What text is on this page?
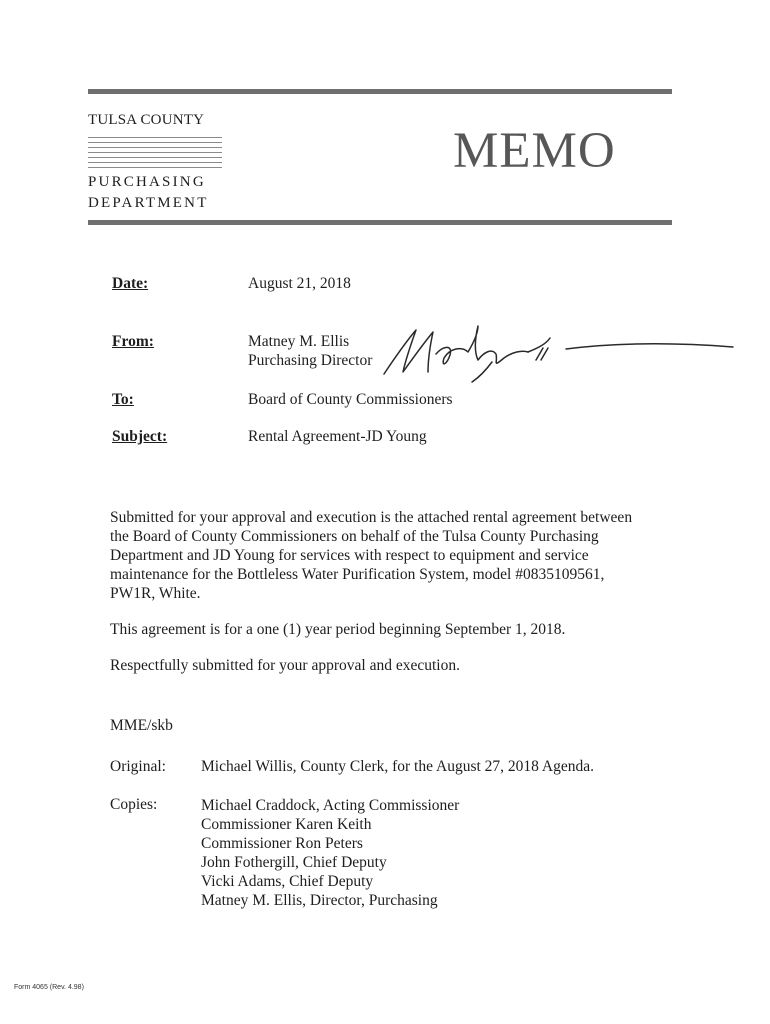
TULSA COUNTY
PURCHASING
DEPARTMENT
MEMO
Date:	August 21, 2018
From:	Matney M. Ellis
Purchasing Director
To:	Board of County Commissioners
Subject:	Rental Agreement-JD Young

Submitted for your approval and execution is the attached rental agreement between the Board of County Commissioners on behalf of the Tulsa County Purchasing Department and JD Young for services with respect to equipment and service maintenance for the Bottleless Water Purification System, model #0835109561, PW1R, White.

This agreement is for a one (1) year period beginning September 1, 2018.

Respectfully submitted for your approval and execution.

MME/skb
Original: Michael Willis, County Clerk, for the August 27, 2018 Agenda.
Copies:	Michael Craddock, Acting Commissioner
Commissioner Karen Keith
Commissioner Ron Peters
John Fothergill, Chief Deputy
Vicki Adams, Chief Deputy
Matney M. Ellis, Director, Purchasing
Form 4065 (Rev. 4.98)
